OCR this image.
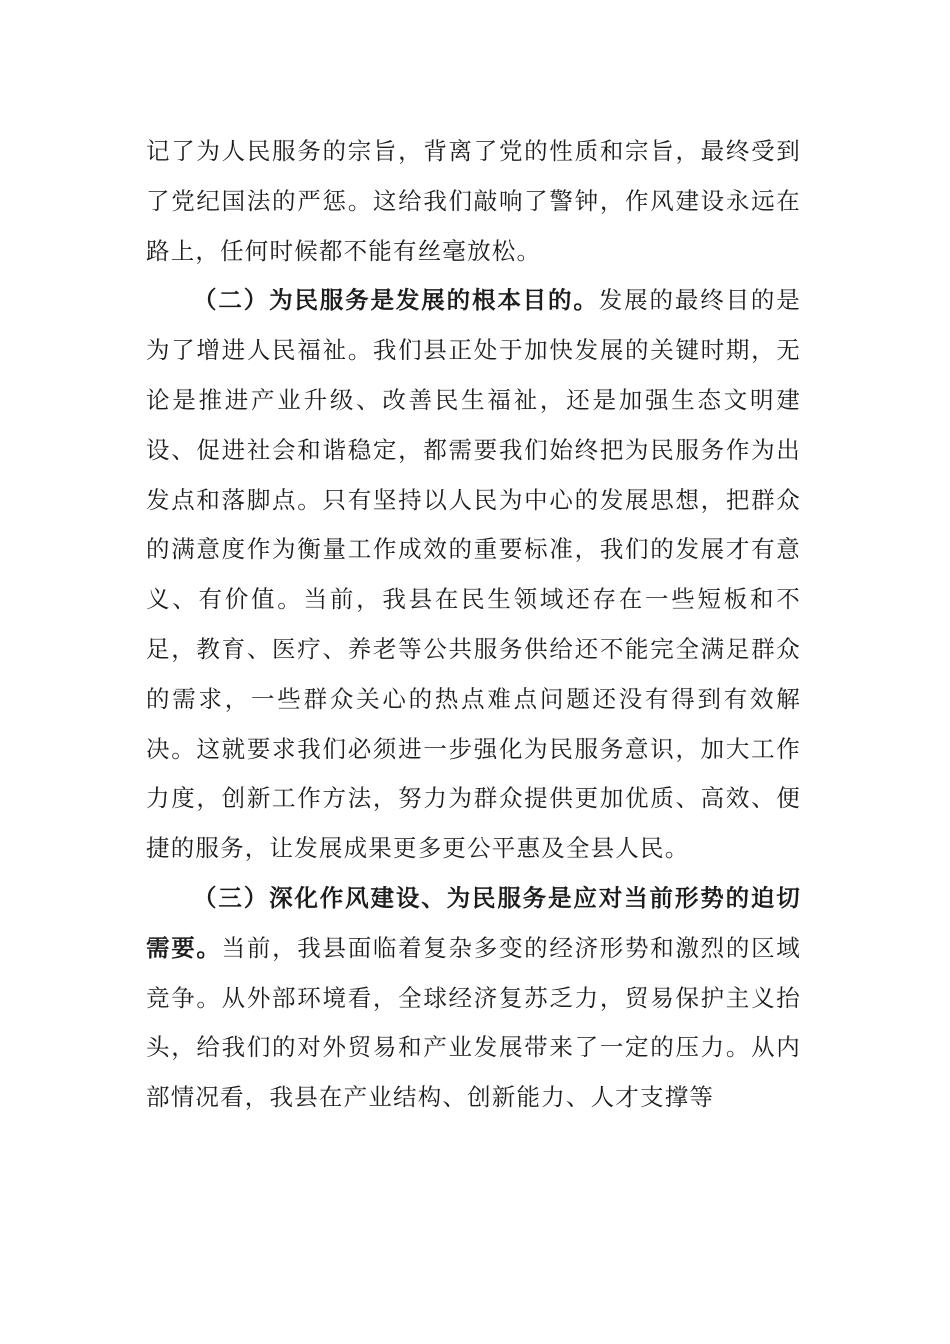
记了为人民服务的宗旨，背离了党的性质和宗旨，最终受到了党纪国法的严惩。这给我们敲响了警钟，作风建设永远在路上，任何时候都不能有丝毫放松。

（二）为民服务是发展的根本目的。发展的最终目的是为了增进人民福祉。我们县正处于加快发展的关键时期，无论是推进产业升级、改善民生福祉，还是加强生态文明建设、促进社会和谐稳定，都需要我们始终把为民服务作为出发点和落脚点。只有坚持以人民为中心的发展思想，把群众的满意度作为衡量工作成效的重要标准，我们的发展才有意义、有价值。当前，我县在民生领域还存在一些短板和不足，教育、医疗、养老等公共服务供给还不能完全满足群众的需求，一些群众关心的热点难点问题还没有得到有效解决。这就要求我们必须进一步强化为民服务意识，加大工作力度，创新工作方法，努力为群众提供更加优质、高效、便捷的服务，让发展成果更多更公平惠及全县人民。

（三）深化作风建设、为民服务是应对当前形势的迫切需要。当前，我县面临着复杂多变的经济形势和激烈的区域竞争。从外部环境看，全球经济复苏乏力，贸易保护主义抬头，给我们的对外贸易和产业发展带来了一定的压力。从内部情况看，我县在产业结构、创新能力、人才支撑等
